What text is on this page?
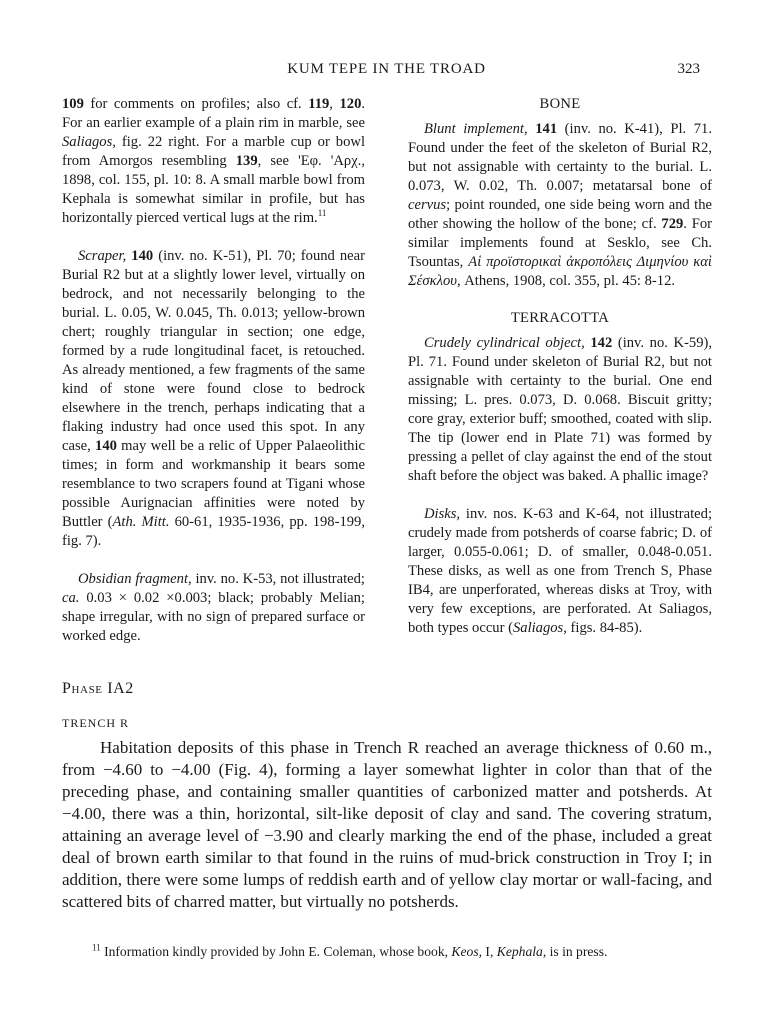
KUM TEPE IN THE TROAD	323

109 for comments on profiles; also cf. 119, 120. For an earlier example of a plain rim in marble, see Saliagos, fig. 22 right. For a marble cup or bowl from Amorgos resembling 139, see 'Εφ. 'Αρχ., 1898, col. 155, pl. 10: 8. A small marble bowl from Kephala is somewhat similar in profile, but has horizontally pierced vertical lugs at the rim.$^{11}$

Scraper, 140 (inv. no. K-51), Pl. 70; found near Burial R2 but at a slightly lower level, virtually on bedrock, and not necessarily belonging to the burial. L. 0.05, W. 0.045, Th. 0.013; yellow-brown chert; roughly triangular in section; one edge, formed by a rude longitudinal facet, is retouched. As already mentioned, a few fragments of the same kind of stone were found close to bedrock elsewhere in the trench, perhaps indicating that a flaking industry had once used this spot. In any case, 140 may well be a relic of Upper Palaeolithic times; in form and workmanship it bears some resemblance to two scrapers found at Tigani whose possible Aurignacian affinities were noted by Buttler (Ath. Mitt. 60-61, 1935-1936, pp. 198-199, fig. 7).

Obsidian fragment, inv. no. K-53, not illustrated; ca. 0.03 × 0.02 ×0.003; black; probably Melian; shape irregular, with no sign of prepared surface or worked edge.

BONE

Blunt implement, 141 (inv. no. K-41), Pl. 71. Found under the feet of the skeleton of Burial R2, but not assignable with certainty to the burial. L. 0.073, W. 0.02, Th. 0.007; metatarsal bone of cervus; point rounded, one side being worn and the other showing the hollow of the bone; cf. 729. For similar implements found at Sesklo, see Ch. Tsountas, Αἱ προϊστορικαὶ ἀκροπόλεις Διμηνίου καὶ Σέσκλου, Athens, 1908, col. 355, pl. 45: 8-12.

TERRACOTTA

Crudely cylindrical object, 142 (inv. no. K-59), Pl. 71. Found under skeleton of Burial R2, but not assignable with certainty to the burial. One end missing; L. pres. 0.073, D. 0.068. Biscuit gritty; core gray, exterior buff; smoothed, coated with slip. The tip (lower end in Plate 71) was formed by pressing a pellet of clay against the end of the stout shaft before the object was baked. A phallic image?

Disks, inv. nos. K-63 and K-64, not illustrated; crudely made from potsherds of coarse fabric; D. of larger, 0.055-0.061; D. of smaller, 0.048-0.051. These disks, as well as one from Trench S, Phase IB4, are unperforated, whereas disks at Troy, with very few exceptions, are perforated. At Saliagos, both types occur (Saliagos, figs. 84-85).

Phase IA2
TRENCH R

Habitation deposits of this phase in Trench R reached an average thickness of 0.60 m., from −4.60 to −4.00 (Fig. 4), forming a layer somewhat lighter in color than that of the preceding phase, and containing smaller quantities of carbonized matter and potsherds. At −4.00, there was a thin, horizontal, silt-like deposit of clay and sand. The covering stratum, attaining an average level of −3.90 and clearly marking the end of the phase, included a great deal of brown earth similar to that found in the ruins of mud-brick construction in Troy I; in addition, there were some lumps of reddish earth and of yellow clay mortar or wall-facing, and scattered bits of charred matter, but virtually no potsherds.

$^{11}$ Information kindly provided by John E. Coleman, whose book, Keos, I, Kephala, is in press.
